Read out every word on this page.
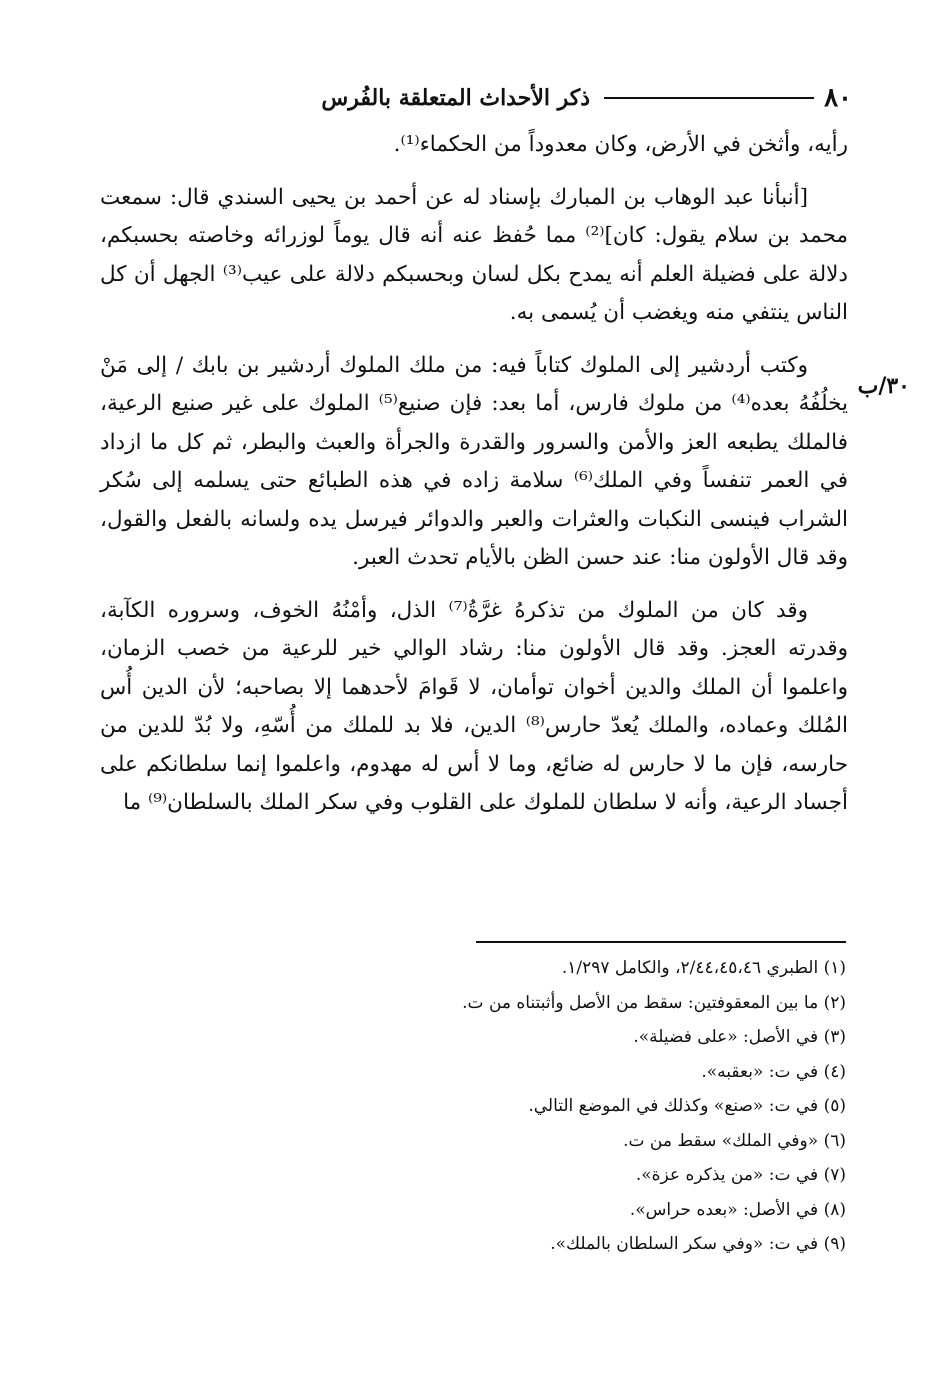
٨٠
ذكر الأحداث المتعلقة بالفُرس
٣٠/ب

رأيه، وأثخن في الأرض، وكان معدوداً من الحكماء⁽¹⁾.

[أنبأنا عبد الوهاب بن المبارك بإسناد له عن أحمد بن يحيى السندي قال: سمعت محمد بن سلام يقول: كان]⁽²⁾ مما حُفظ عنه أنه قال يوماً لوزرائه وخاصته بحسبكم، دلالة على فضيلة العلم أنه يمدح بكل لسان وبحسبكم دلالة على عيب⁽³⁾ الجهل أن كل الناس ينتفي منه ويغضب أن يُسمى به.

وكتب أردشير إلى الملوك كتاباً فيه: من ملك الملوك أردشير بن بابك / إلى مَنْ يخلُفُهُ بعده⁽⁴⁾ من ملوك فارس، أما بعد: فإن صنيع⁽⁵⁾ الملوك على غير صنيع الرعية، فالملك يطبعه العز والأمن والسرور والقدرة والجرأة والعبث والبطر، ثم كل ما ازداد في العمر تنفساً وفي الملك⁽⁶⁾ سلامة زاده في هذه الطبائع حتى يسلمه إلى سُكر الشراب فينسى النكبات والعثرات والعبر والدوائر فيرسل يده ولسانه بالفعل والقول، وقد قال الأولون منا: عند حسن الظن بالأيام تحدث العبر.

وقد كان من الملوك من تذكرهُ غرَّةُ⁽⁷⁾ الذل، وأمْنُهُ الخوف، وسروره الكآبة، وقدرته العجز. وقد قال الأولون منا: رشاد الوالي خير للرعية من خصب الزمان، واعلموا أن الملك والدين أخوان توأمان، لا قَوامَ لأحدهما إلا بصاحبه؛ لأن الدين أُس المُلك وعماده، والملك يُعدّ حارس⁽⁸⁾ الدين، فلا بد للملك من أُسّهِ، ولا بُدّ للدين من حارسه، فإن ما لا حارس له ضائع، وما لا أس له مهدوم، واعلموا إنما سلطانكم على أجساد الرعية، وأنه لا سلطان للملوك على القلوب وفي سكر الملك بالسلطان⁽⁹⁾ ما

(١) الطبري ٢/٤٤،٤٥،٤٦، والكامل ١/٢٩٧.
(٢) ما بين المعقوفتين: سقط من الأصل وأثبتناه من ت.
(٣) في الأصل: «على فضيلة».
(٤) في ت: «بعقبه».
(٥) في ت: «صنع» وكذلك في الموضع التالي.
(٦) «وفي الملك» سقط من ت.
(٧) في ت: «من يذكره عزة».
(٨) في الأصل: «بعده حراس».
(٩) في ت: «وفي سكر السلطان بالملك».
